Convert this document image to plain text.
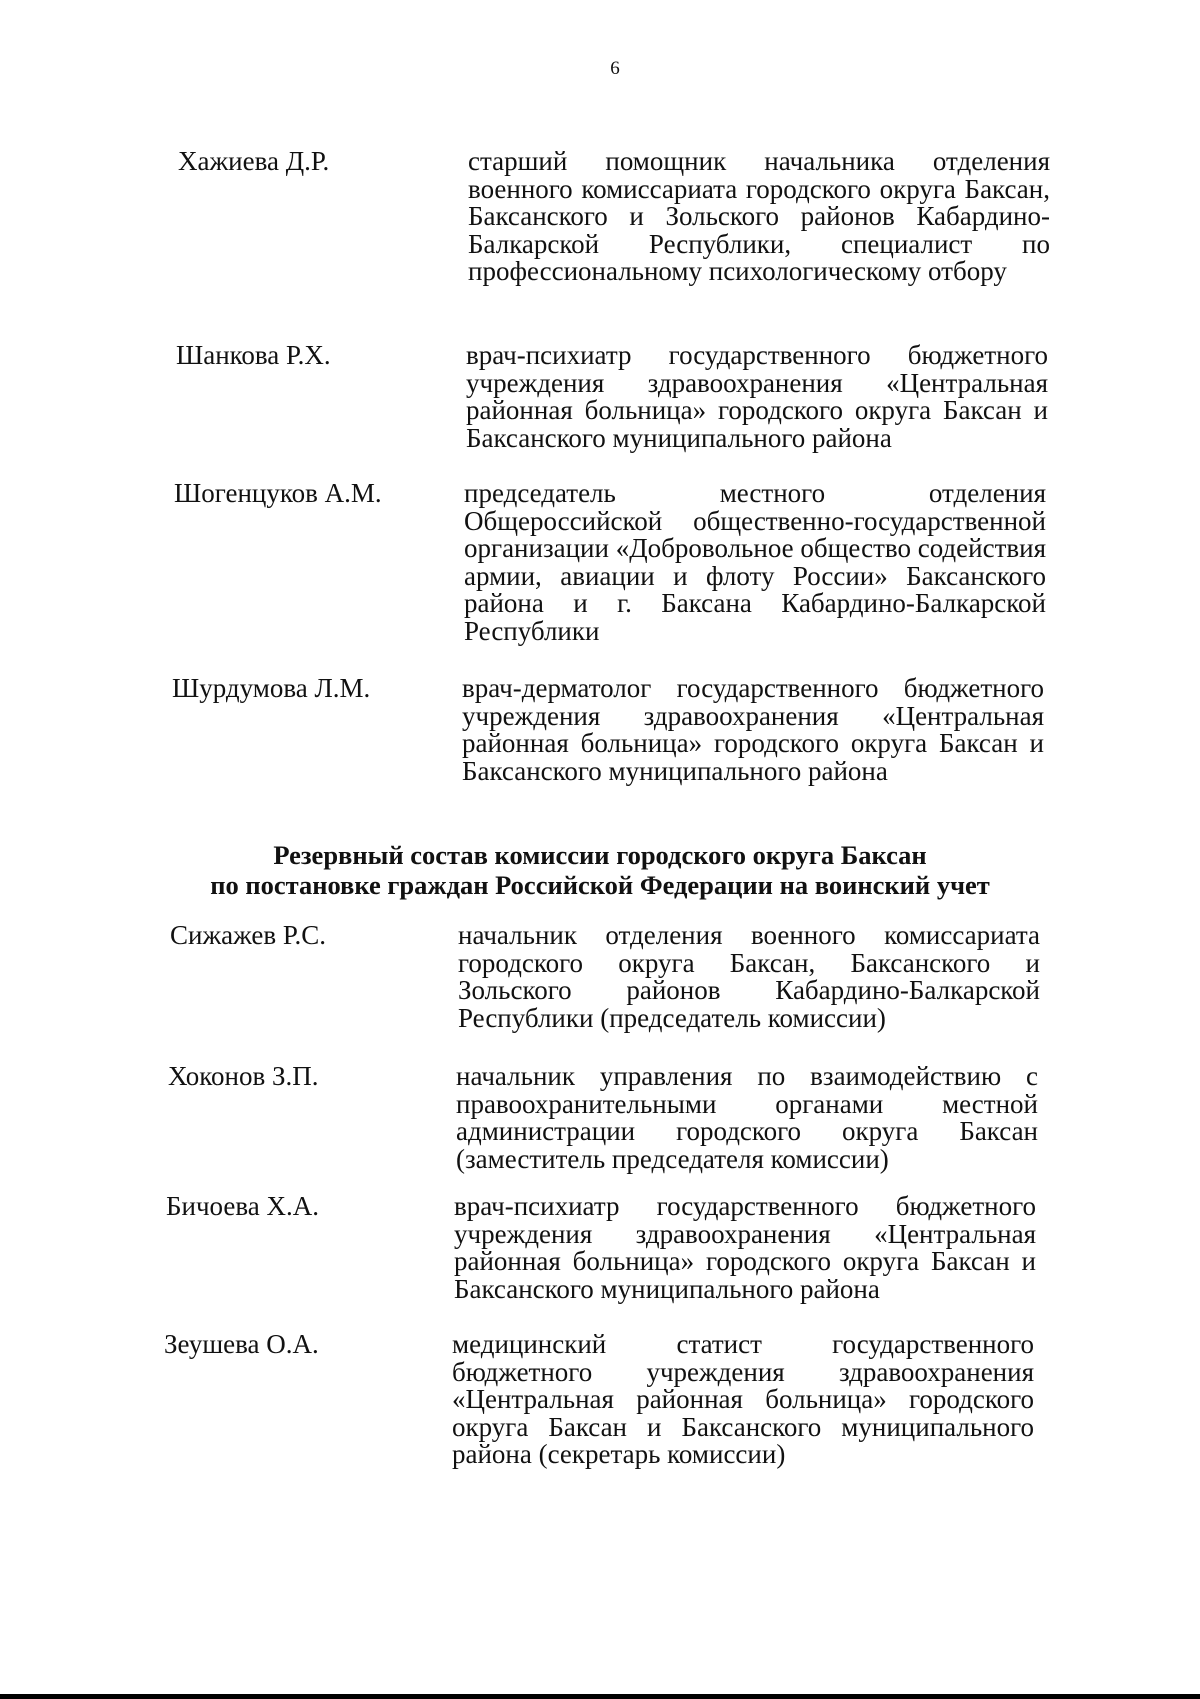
6
Хажиева Д.Р.	старший помощник начальника отделения военного комиссариата городского округа Баксан, Баксанского и Зольского районов Кабардино-Балкарской Республики, специалист по профессиональному психологическому отбору
Шанкова Р.Х.	врач-психиатр государственного бюджетного учреждения здравоохранения «Центральная районная больница» городского округа Баксан и Баксанского муниципального района
Шогенцуков А.М.	председатель местного отделения Общероссийской общественно-государственной организации «Добровольное общество содействия армии, авиации и флоту России» Баксанского района и г. Баксана Кабардино-Балкарской Республики
Шурдумова Л.М.	врач-дерматолог государственного бюджетного учреждения здравоохранения «Центральная районная больница» городского округа Баксан и Баксанского муниципального района
Резервный состав комиссии городского округа Баксан
по постановке граждан Российской Федерации на воинский учет
Сижажев Р.С.	начальник отделения военного комиссариата городского округа Баксан, Баксанского и Зольского районов Кабардино-Балкарской Республики (председатель комиссии)
Хоконов З.П.	начальник управления по взаимодействию с правоохранительными органами местной администрации городского округа Баксан (заместитель председателя комиссии)
Бичоева Х.А.	врач-психиатр государственного бюджетного учреждения здравоохранения «Центральная районная больница» городского округа Баксан и Баксанского муниципального района
Зеушева О.А.	медицинский статист государственного бюджетного учреждения здравоохранения «Центральная районная больница» городского округа Баксан и Баксанского муниципального района (секретарь комиссии)
